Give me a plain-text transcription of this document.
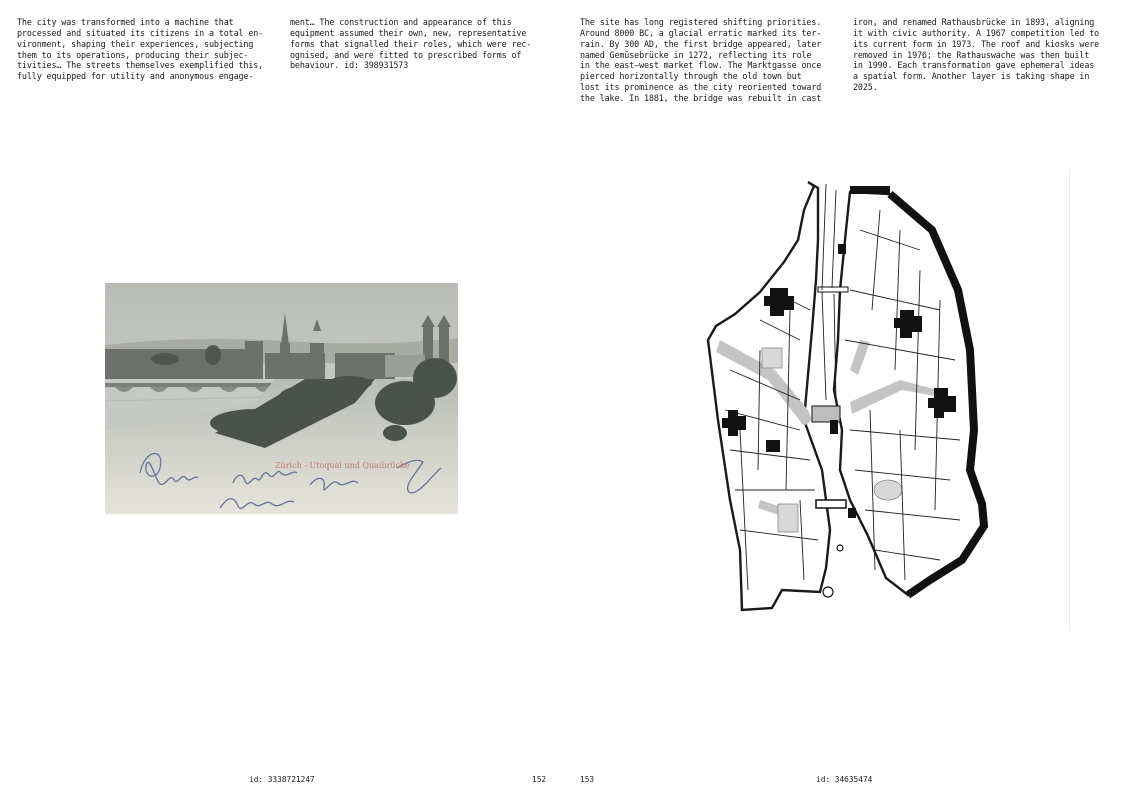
The city was transformed into a machine that
processed and situated its citizens in a total en-
vironment, shaping their experiences, subjecting
them to its operations, producing their subjec-
tivities… The streets themselves exemplified this,
fully equipped for utility and anonymous engage-
ment… The construction and appearance of this
equipment assumed their own, new, representative
forms that signalled their roles, which were rec-
ognised, and were fitted to prescribed forms of
behaviour. id: 398931573
The site has long registered shifting priorities.
Around 8000 BC, a glacial erratic marked its ter-
rain. By 300 AD, the first bridge appeared, later
named Gemüsebrücke in 1272, reflecting its role
in the east–west market flow. The Marktgasse once
pierced horizontally through the old town but
lost its prominence as the city reoriented toward
the lake. In 1881, the bridge was rebuilt in cast
iron, and renamed Rathausbrücke in 1893, aligning
it with civic authority. A 1967 competition led to
its current form in 1973. The roof and kiosks were
removed in 1976; the Rathauswache was then built
in 1990. Each transformation gave ephemeral ideas
a spatial form. Another layer is taking shape in
2025.
Zürich - Utoquai und Quaibrücke
id: 3338721247	152	153	id: 34635474
